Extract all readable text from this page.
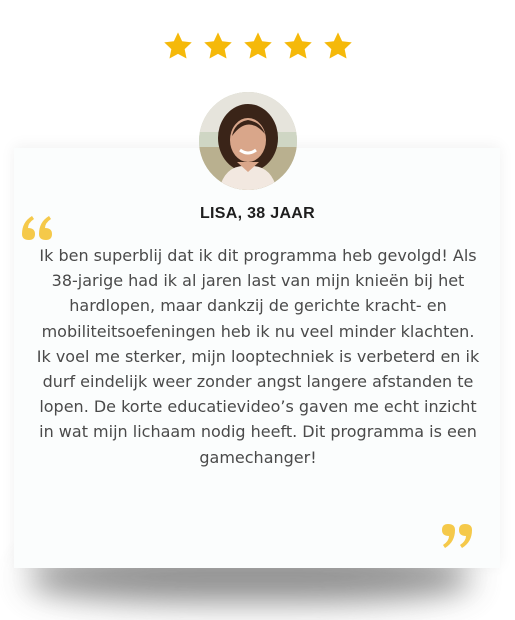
LISA, 38 JAAR

Ik ben superblij dat ik dit programma heb gevolgd! Als 38-jarige had ik al jaren last van mijn knieën bij het hardlopen, maar dankzij de gerichte kracht- en mobiliteitsoefeningen heb ik nu veel minder klachten. Ik voel me sterker, mijn looptechniek is verbeterd en ik durf eindelijk weer zonder angst langere afstanden te lopen. De korte educatievideo’s gaven me echt inzicht in wat mijn lichaam nodig heeft. Dit programma is een gamechanger!
